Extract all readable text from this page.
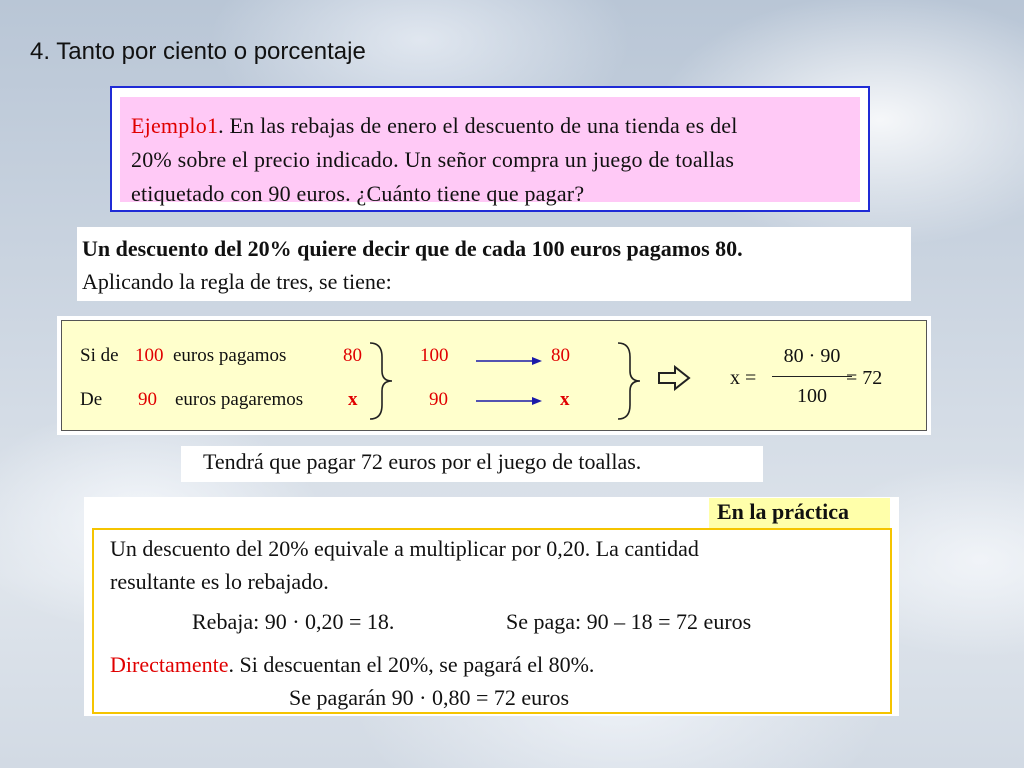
4. Tanto por ciento o porcentaje
Ejemplo1. En las rebajas de enero el descuento de una tienda es del
20% sobre el precio indicado. Un señor compra un juego de toallas
etiquetado con 90 euros. ¿Cuánto tiene que pagar?
Un descuento del 20% quiere decir que de cada 100 euros pagamos 80.
Aplicando la regla de tres, se tiene:
Si de 100 euros pagamos	80
De 90 euros pagaremos x
100
90
80
x
x =
80 · 90
100
= 72
Tendrá que pagar 72 euros por el juego de toallas.
En la práctica
Un descuento del 20% equivale a multiplicar por 0,20. La cantidad
resultante es lo rebajado.
Rebaja: 90 · 0,20 = 18.	Se paga: 90 – 18 = 72 euros
Directamente. Si descuentan el 20%, se pagará el 80%.
Se pagarán 90 · 0,80 = 72 euros
